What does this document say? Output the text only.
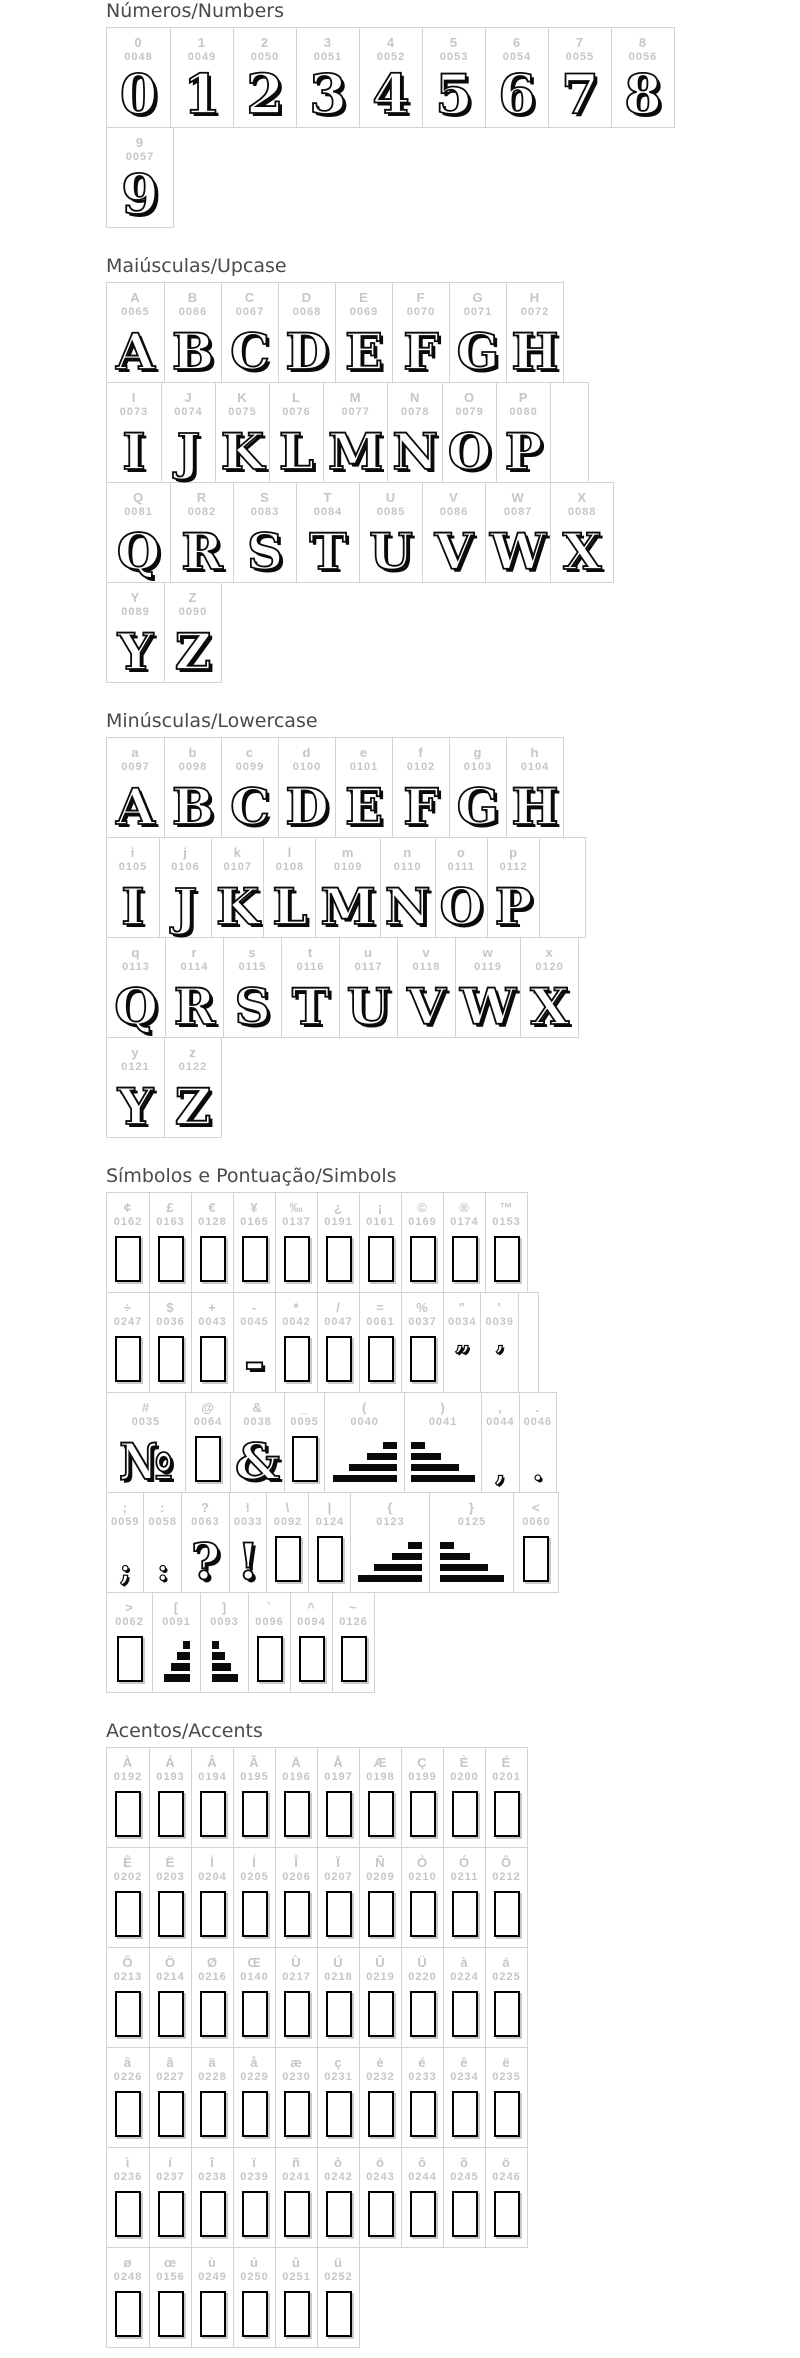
Números/Numbers
0
0048
0
1
0049
1
2
0050
2
3
0051
3
4
0052
4
5
0053
5
6
0054
6
7
0055
7
8
0056
8
9
0057
9
Maiúsculas/Upcase
A
0065
A
B
0066
B
C
0067
C
D
0068
D
E
0069
E
F
0070
F
G
0071
G
H
0072
H
I
0073
I
J
0074
J
K
0075
K
L
0076
L
M
0077
M
N
0078
N
O
0079
O
P
0080
P
Q
0081
Q
R
0082
R
S
0083
S
T
0084
T
U
0085
U
V
0086
V
W
0087
W
X
0088
X
Y
0089
Y
Z
0090
Z
Minúsculas/Lowercase
a
0097
A
b
0098
B
c
0099
C
d
0100
D
e
0101
E
f
0102
F
g
0103
G
h
0104
H
i
0105
I
j
0106
J
k
0107
K
l
0108
L
m
0109
M
n
0110
N
o
0111
O
p
0112
P
q
0113
Q
r
0114
R
s
0115
S
t
0116
T
u
0117
U
v
0118
V
w
0119
W
x
0120
X
y
0121
Y
z
0122
Z
Símbolos e Pontuação/Simbols
¢
0162
£
0163
€
0128
¥
0165
‰
0137
¿
0191
¡
0161
©
0169
®
0174
™
0153
÷
0247
$
0036
+
0043
-
0045
-
*
0042
/
0047
=
0061
%
0037
"
0034
”
'
0039
’
#
0035
№
@
0064
&
0038
&
_
0095
(
0040
)
0041
,
0044
,
.
0046
.
;
0059
;
:
0058
:
?
0063
?
!
0033
!
\
0092
|
0124
{
0123
}
0125
<
0060
>
0062
[
0091
]
0093
`
0096
^
0094
~
0126
Acentos/Accents
À
0192
Á
0193
Â
0194
Ã
0195
Ä
0196
Å
0197
Æ
0198
Ç
0199
È
0200
É
0201
Ê
0202
Ë
0203
Ì
0204
Í
0205
Î
0206
Ï
0207
Ñ
0209
Ò
0210
Ó
0211
Ô
0212
Õ
0213
Ö
0214
Ø
0216
Œ
0140
Ù
0217
Ú
0218
Û
0219
Ü
0220
à
0224
á
0225
â
0226
ã
0227
ä
0228
å
0229
æ
0230
ç
0231
è
0232
é
0233
ê
0234
ë
0235
ì
0236
í
0237
î
0238
ï
0239
ñ
0241
ò
0242
ó
0243
ô
0244
õ
0245
ö
0246
ø
0248
œ
0156
ù
0249
ú
0250
û
0251
ü
0252
